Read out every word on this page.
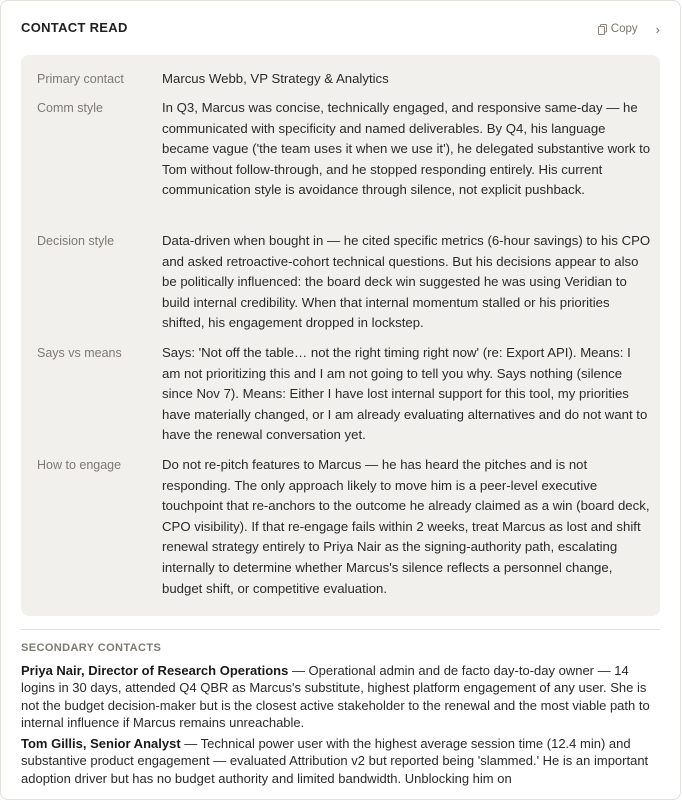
CONTACT READ	Copy ›
Primary contact	Marcus Webb, VP Strategy & Analytics
Comm style	In Q3, Marcus was concise, technically engaged, and responsive same-day — he communicated with specificity and named deliverables. By Q4, his language became vague ('the team uses it when we use it'), he delegated substantive work to Tom without follow-through, and he stopped responding entirely. His current communication style is avoidance through silence, not explicit pushback.
Decision style	Data-driven when bought in — he cited specific metrics (6-hour savings) to his CPO and asked retroactive-cohort technical questions. But his decisions appear to also be politically influenced: the board deck win suggested he was using Veridian to build internal credibility. When that internal momentum stalled or his priorities shifted, his engagement dropped in lockstep.
Says vs means	Says: 'Not off the table… not the right timing right now' (re: Export API). Means: I am not prioritizing this and I am not going to tell you why. Says nothing (silence since Nov 7). Means: Either I have lost internal support for this tool, my priorities have materially changed, or I am already evaluating alternatives and do not want to have the renewal conversation yet.
How to engage	Do not re-pitch features to Marcus — he has heard the pitches and is not responding. The only approach likely to move him is a peer-level executive touchpoint that re-anchors to the outcome he already claimed as a win (board deck, CPO visibility). If that re-engage fails within 2 weeks, treat Marcus as lost and shift renewal strategy entirely to Priya Nair as the signing-authority path, escalating internally to determine whether Marcus's silence reflects a personnel change, budget shift, or competitive evaluation.
SECONDARY CONTACTS
Priya Nair, Director of Research Operations — Operational admin and de facto day-to-day owner — 14 logins in 30 days, attended Q4 QBR as Marcus's substitute, highest platform engagement of any user. She is not the budget decision-maker but is the closest active stakeholder to the renewal and the most viable path to internal influence if Marcus remains unreachable.
Tom Gillis, Senior Analyst — Technical power user with the highest average session time (12.4 min) and substantive product engagement — evaluated Attribution v2 but reported being 'slammed.' He is an important adoption driver but has no budget authority and limited bandwidth. Unblocking him on
